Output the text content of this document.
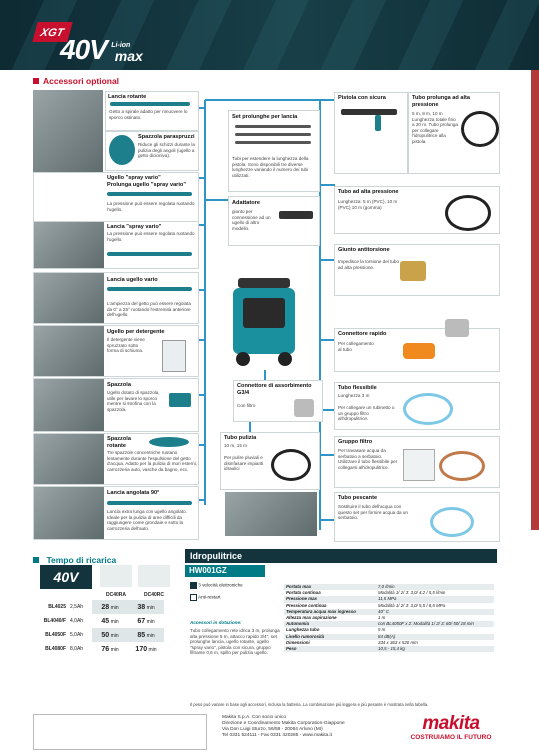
XGT
40V $^{Li-ion}$ max
Accessori optional
Lancia rotante
Getto a spirale adatto per rimuovere lo sporco ostinato.
Spazzola paraspruzzi
Riduce gli schizzi durante la pulizia degli angoli (ugello a getto dicioniva).
Ugello "spray vario"
Prolunga ugello "spray vario"
La pressione può essere regolata ruotando l'ugello.
Lancia "spray vario"
La pressione può essere regolata ruotando l'ugello.
Lancia ugello vario
L'ampiezza del getto può essere regolata da 0° a 25° ruotando l'estremità anteriore dell'ugello.
Ugello per detergente
Il detergente viene spruzzato sotto forma di schiuma.
Spazzola
Ugello dotato di spazzola, utile per lavare lo sporco mentre si strofina con la spazzola.
Spazzola rotante
Tre spazzole concentriche ruotano lentamente durante l'espulsione del getto d'acqua. Adatto per la pulizia di muri esterni, carrozzeria auto, vasche da bagno, ecc.
Lancia angolata 90°
Lancia extra lunga con ugello angolato. Ideale per la pulizia di aree difficili da raggiungere come grondaie e sotto la carrozzeria dell'auto.
Set prolunghe per lancia
Tubi per estendere la lunghezza della pistola. Sono disponibili tre diverse lunghezze variando il numero dei tubi utilizzati.
Adattatore
giunto per connessione ad un ugello di altro modello.
Connettore di assorbimento G3/4
Con filtro
Tubo pulizia
10 m, 15 m
Per pulire pluviali e disinfasare impianti idraulici
Pistola con sicura	Tubo prolunga ad alta pressione
5 m, 8 m, 10 m Lunghezza totale fino a 20 m. Tubo prolunga per collegare l'idropulitrice alla pistola.
Tubo ad alta pressione
Lunghezza: 5 m (PVC), 10 m (PVC) 10 m (gomma)
Giunto antitorsione
Impedisce la torsione del tubo ad alta pressione.
Connettore rapido
Per collegamento al tubo
Tubo flessibile
Lunghezza 3 m
Per collegare un rubinetto o un gruppo filtro all'idropulitrice.
Gruppo filtro
Per travasare acqua da serbatoio a serbatoio. Utilizzare il tubo flessibile per collegarsi all'idropulitrice.
Tubo pescante
Sostituire il tubo dell'acqua con questo set per fornire acqua da un serbatoio.
Tempo di ricarica
40V
DC40RA	DC40RC
BL4025	2,5Ah	28 min	38 min
BL4040/F	4,0Ah	45 min	67 min
BL4050F	5,0Ah	50 min	85 min
BL4080F	8,0Ah	76 min	170 min
Idropulitrice
HW001GZ
3 velocità elettroniche
Anti-restart
Accessori in dotazione:
Tubo collegamento rete idrica 3 m, prolunga alta pressione 5 m, attacco rapido 3/4", set prolunghe lancia, ugello rotante, ugello "spray vario", pistola con sicura, gruppo filtrante 0,6 m, spillo per pulizia ugello.
Portata max	7,0 l/min
Portata continua	Modalità 1/ 2/ 3: 3,0/ 4,2 / 5,5 l/min
Pressione max	11,5 MPa
Pressione continua	Modalità 1/ 2/ 3: 3,0/ 5,5 / 8,5 MPa
Temperatura acqua max ingresso	40° C
Altezza max aspirazione	1 m
Autonomia	con BL4050F x 2: Modalità 1/ 2/ 3: 60/ 50/ 18 min
Lunghezza tubo	5 m
Livello rumorosità	84 dB(A)
Dimensioni	334 x 363 x 520 mm
Peso	10,5 - 15,4 kg
Il peso può variare in base agli accessori, inclusa la batteria. La combinazione più leggera e più pesante è mostrata nella tabella.
Makita S.p.A. Con socio unico
Direzione e Coordinamento Makita Corporation-Giappone
Via Don Luigi Sturzo, 56/58 - 20064 Arluno (MI)
Tel 0331 524111 - Fax 0331 420285 - www.makita.it
makita
COSTRUIAMO IL FUTURO
